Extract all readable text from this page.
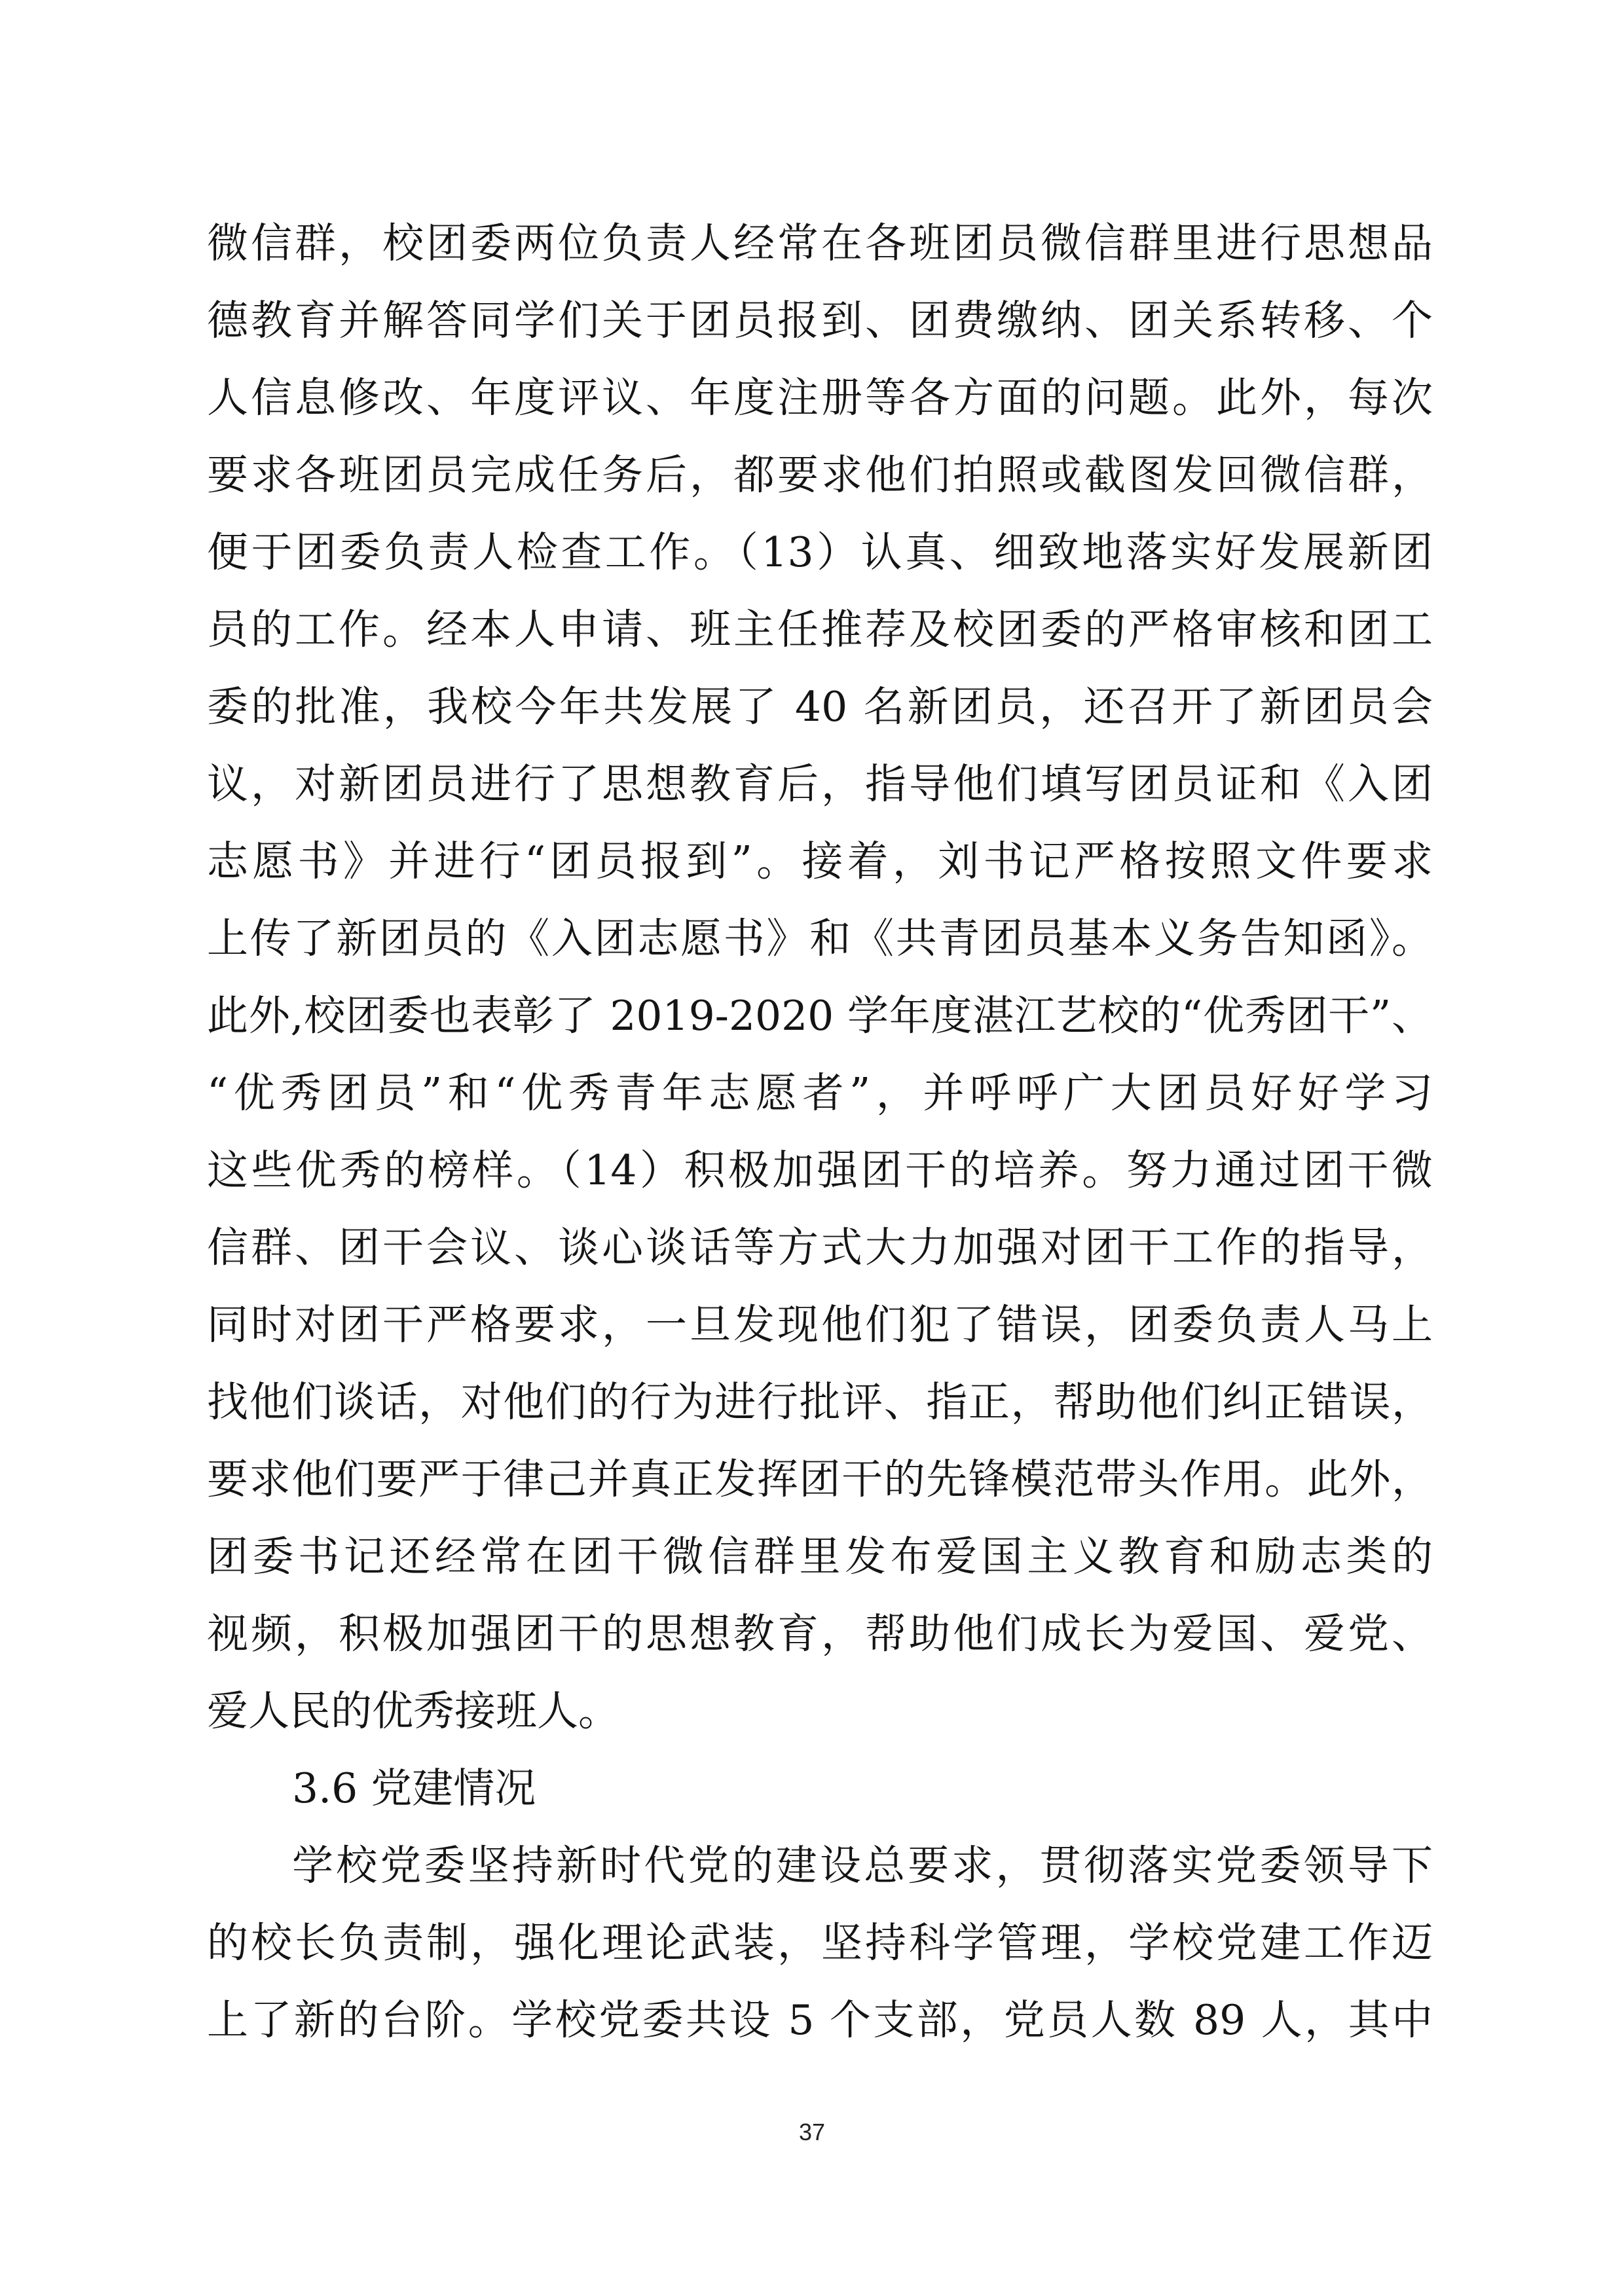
微信群，校团委两位负责人经常在各班团员微信群里进行思想品
德教育并解答同学们关于团员报到、团费缴纳、团关系转移、个
人信息修改、年度评议、年度注册等各方面的问题。此外，每次
要求各班团员完成任务后，都要求他们拍照或截图发回微信群，
便于团委负责人检查工作。（13）认真、细致地落实好发展新团
员的工作。经本人申请、班主任推荐及校团委的严格审核和团工
委的批准，我校今年共发展了 40 名新团员，还召开了新团员会
议，对新团员进行了思想教育后，指导他们填写团员证和《入团
志愿书》并进行“团员报到”。接着，刘书记严格按照文件要求
上传了新团员的《入团志愿书》和《共青团员基本义务告知函》。
此外,校团委也表彰了 2019-2020 学年度湛江艺校的“优秀团干”、
“优秀团员”和“优秀青年志愿者”，并呼呼广大团员好好学习
这些优秀的榜样。（14）积极加强团干的培养。努力通过团干微
信群、团干会议、谈心谈话等方式大力加强对团干工作的指导，
同时对团干严格要求，一旦发现他们犯了错误，团委负责人马上
找他们谈话，对他们的行为进行批评、指正，帮助他们纠正错误，
要求他们要严于律己并真正发挥团干的先锋模范带头作用。此外，
团委书记还经常在团干微信群里发布爱国主义教育和励志类的
视频，积极加强团干的思想教育，帮助他们成长为爱国、爱党、
爱人民的优秀接班人。
3.6 党建情况
学校党委坚持新时代党的建设总要求，贯彻落实党委领导下
的校长负责制，强化理论武装，坚持科学管理，学校党建工作迈
上了新的台阶。学校党委共设 5 个支部，党员人数 89 人，其中
37
